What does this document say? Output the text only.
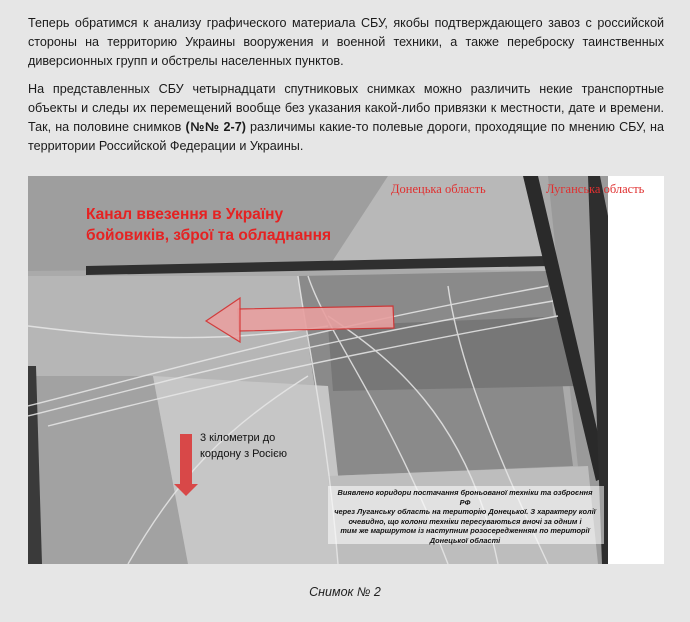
Теперь обратимся к анализу графического материала СБУ, якобы подтверждающего завоз с российской стороны на территорию Украины вооружения и военной техники, а также переброску таинственных диверсионных групп и обстрелы населенных пунктов.
На представленных СБУ четырнадцати спутниковых снимках можно различить некие транспортные объекты и следы их перемещений вообще без указания какой-либо привязки к местности, дате и времени. Так, на половине снимков (№№ 2-7) различимы какие-то полевые дороги, проходящие по мнению СБУ, на территории Российской Федерации и Украины.
Донецька область	Луганська область
Канал ввезення в Україну
бойовиків, зброї та обладнання
3 кілометри до
кордону з Росією
Виявлено коридори постачання броньованої техніки та озброєння РФ
через Луганську область на територію Донецької. З характеру колії
очевидно, що колони техніки пересуваються вночі за одним і
тим же маршрутом із наступним розосередженням по території
Донецької області
Снимок № 2
